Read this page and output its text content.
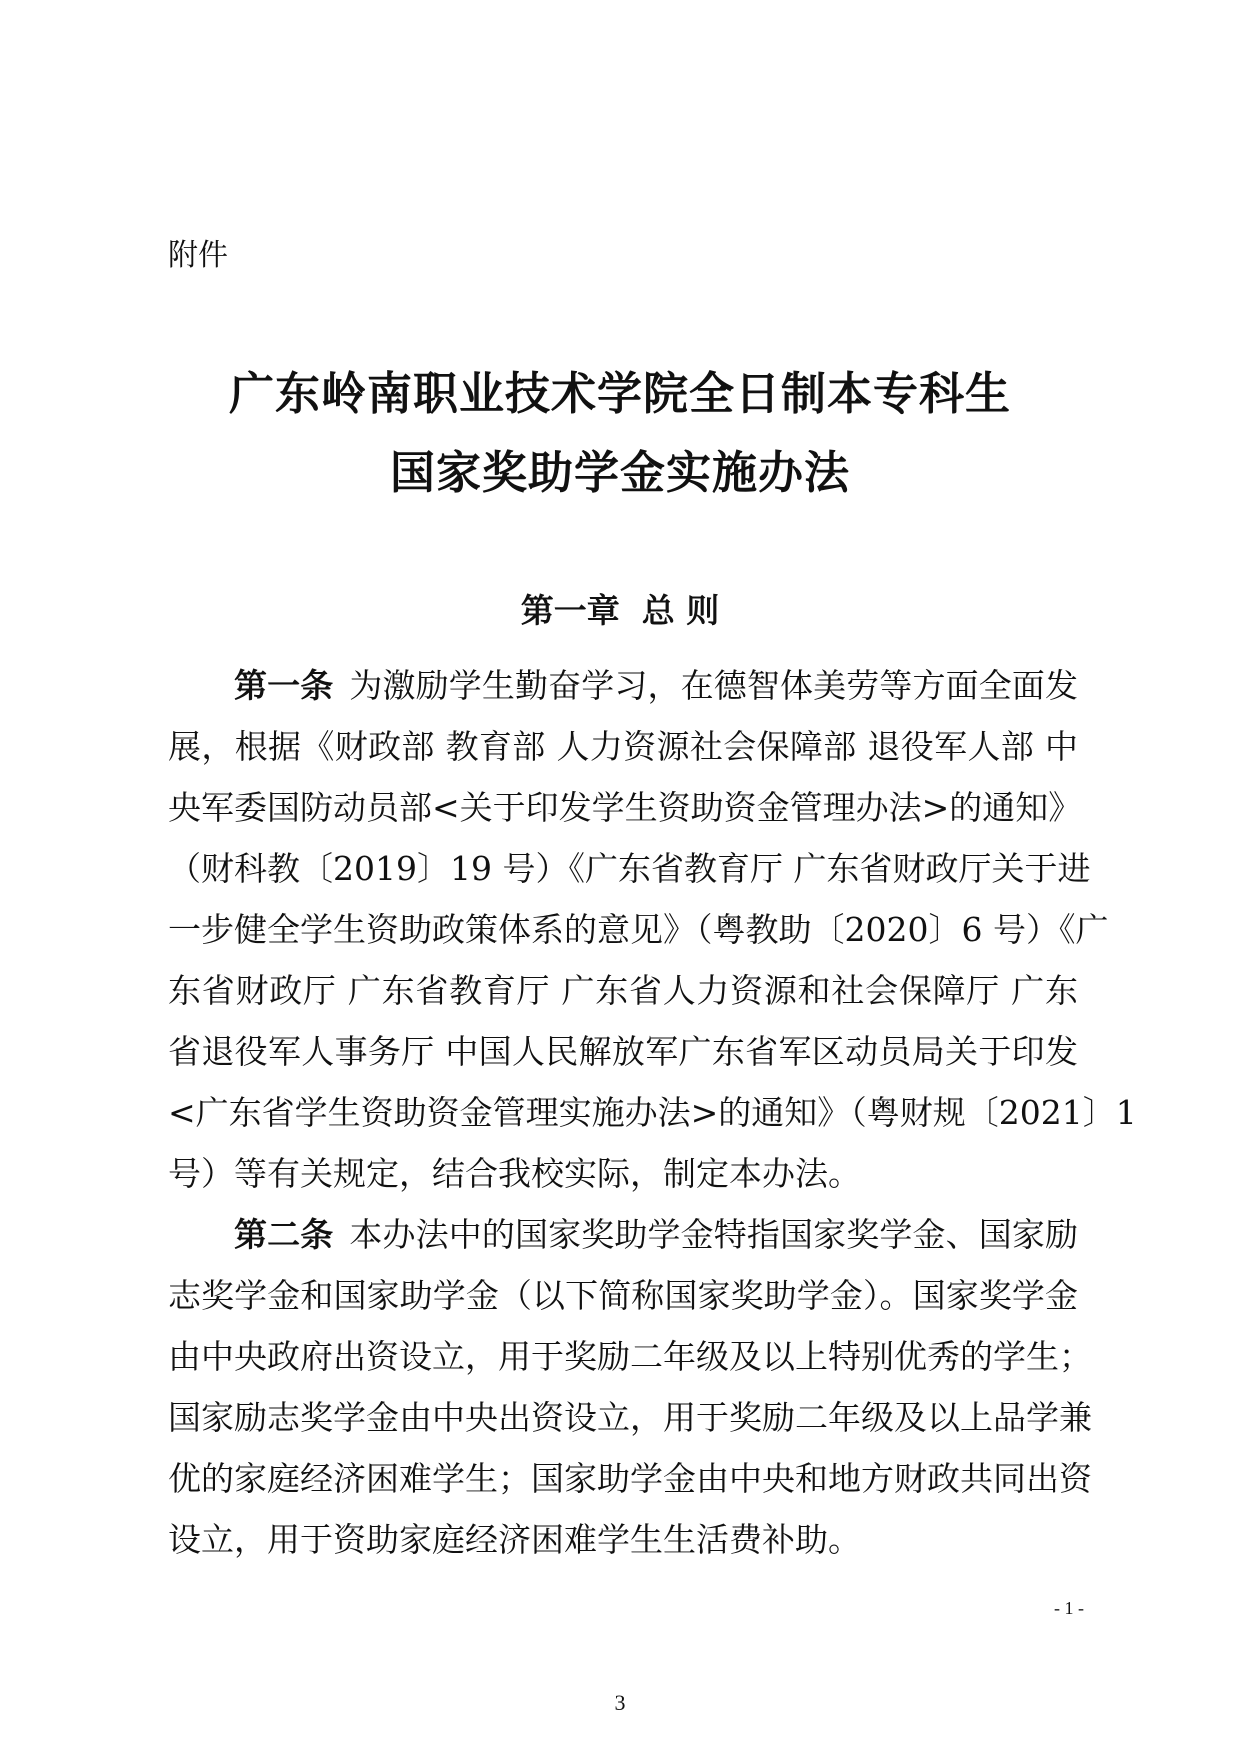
附件
广东岭南职业技术学院全日制本专科生
国家奖助学金实施办法
第一章 总 则
第一条 为激励学生勤奋学习，在德智体美劳等方面全面发
展，根据《财政部 教育部 人力资源社会保障部 退役军人部 中
央军委国防动员部<关于印发学生资助资金管理办法>的通知》
（财科教〔2019〕19 号）《广东省教育厅 广东省财政厅关于进
一步健全学生资助政策体系的意见》（粤教助〔2020〕6 号）《广
东省财政厅 广东省教育厅 广东省人力资源和社会保障厅 广东
省退役军人事务厅 中国人民解放军广东省军区动员局关于印发
<广东省学生资助资金管理实施办法>的通知》（粤财规〔2021〕1
号）等有关规定，结合我校实际，制定本办法。
第二条 本办法中的国家奖助学金特指国家奖学金、国家励
志奖学金和国家助学金（以下简称国家奖助学金）。国家奖学金
由中央政府出资设立，用于奖励二年级及以上特别优秀的学生；
国家励志奖学金由中央出资设立，用于奖励二年级及以上品学兼
优的家庭经济困难学生；国家助学金由中央和地方财政共同出资
设立，用于资助家庭经济困难学生生活费补助。
- 1 -
3
